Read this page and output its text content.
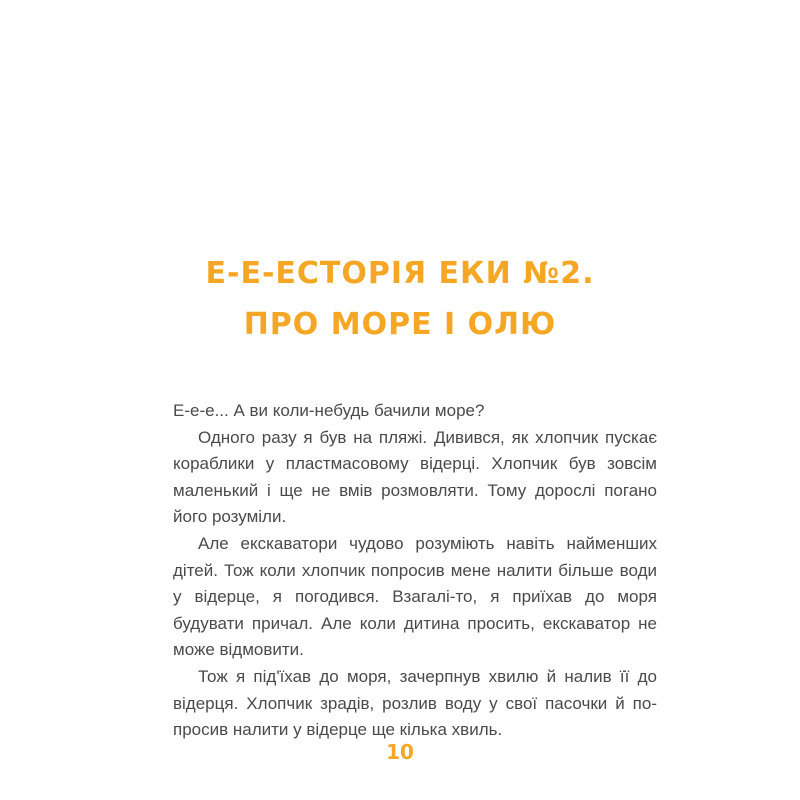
Е-Е-ЕСТОРІЯ ЕКИ №2.
ПРО МОРЕ І ОЛЮ

Е-е-е... А ви коли-небудь бачили море?

Одного разу я був на пляжі. Дивився, як хлопчик пускає кораблики у пластмасовому відерці. Хлопчик був зовсім маленький і ще не вмів розмовляти. Тому дорослі погано його розуміли.

Але екскаватори чудово розуміють навіть найменших дітей. Тож коли хлопчик попросив мене налити більше води у відерце, я погодився. Взагалі-то, я приїхав до моря будувати причал. Але коли дитина просить, екскаватор не може відмовити.

Тож я під'їхав до моря, зачерпнув хвилю й налив її до відерця. Хлопчик зрадів, розлив воду у свої пасочки й по-просив налити у відерце ще кілька хвиль.

10
